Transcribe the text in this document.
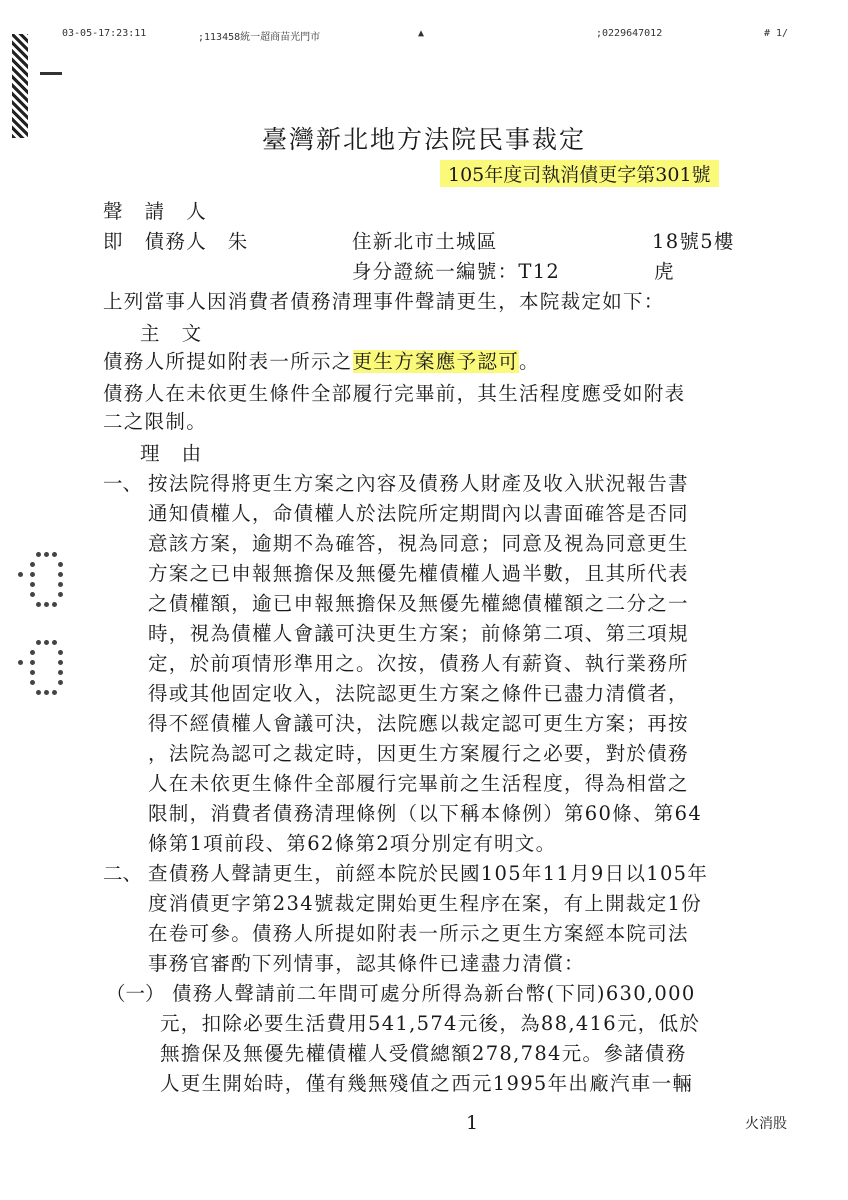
03-05-17:23:11	;113458統一超商苗光門市	▲	;0229647012	# 1/
臺灣新北地方法院民事裁定
105年度司執消債更字第301號
聲　請　人
即　債務人　朱	住新北市土城區	18號5樓
身分證統一編號：T12	虎
上列當事人因消費者債務清理事件聲請更生，本院裁定如下：
主　文
債務人所提如附表一所示之更生方案應予認可。
債務人在未依更生條件全部履行完畢前，其生活程度應受如附表
二之限制。
理　由
一、 按法院得將更生方案之內容及債務人財產及收入狀況報告書
通知債權人，命債權人於法院所定期間內以書面確答是否同
意該方案，逾期不為確答，視為同意；同意及視為同意更生
方案之已申報無擔保及無優先權債權人過半數，且其所代表
之債權額，逾已申報無擔保及無優先權總債權額之二分之一
時，視為債權人會議可決更生方案；前條第二項、第三項規
定，於前項情形準用之。次按，債務人有薪資、執行業務所
得或其他固定收入，法院認更生方案之條件已盡力清償者，
得不經債權人會議可決，法院應以裁定認可更生方案；再按
，法院為認可之裁定時，因更生方案履行之必要，對於債務
人在未依更生條件全部履行完畢前之生活程度，得為相當之
限制，消費者債務清理條例（以下稱本條例）第60條、第64
條第1項前段、第62條第2項分別定有明文。
二、 查債務人聲請更生，前經本院於民國105年11月9日以105年
度消債更字第234號裁定開始更生程序在案，有上開裁定1份
在卷可參。債務人所提如附表一所示之更生方案經本院司法
事務官審酌下列情事，認其條件已達盡力清償：
（一） 債務人聲請前二年間可處分所得為新台幣(下同)630,000
元，扣除必要生活費用541,574元後，為88,416元，低於
無擔保及無優先權債權人受償總額278,784元。參諸債務
人更生開始時，僅有幾無殘值之西元1995年出廠汽車一輛
1	火消股
